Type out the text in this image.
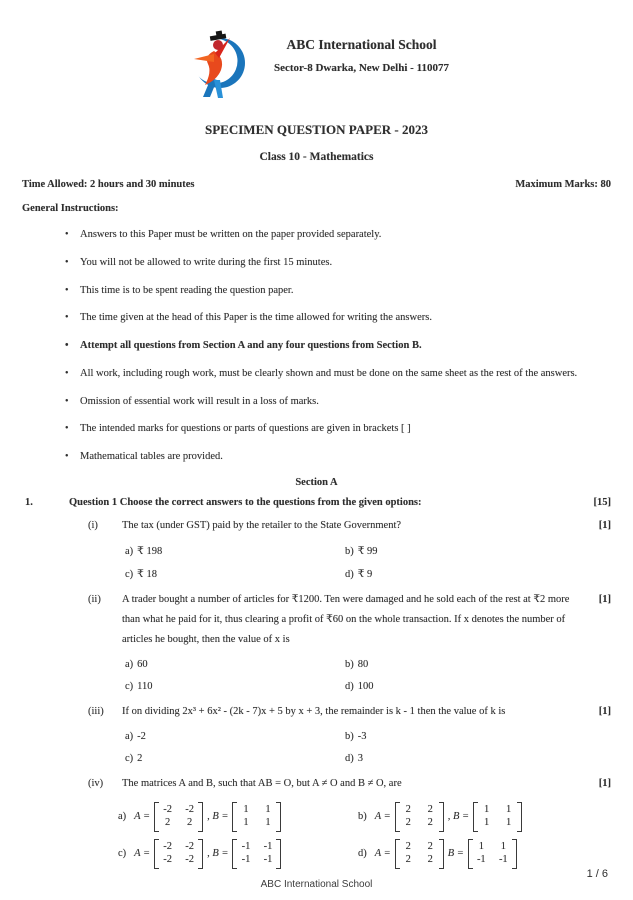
ABC International School
Sector-8 Dwarka, New Delhi - 110077
SPECIMEN QUESTION PAPER - 2023
Class 10 - Mathematics
Time Allowed: 2 hours and 30 minutes	Maximum Marks: 80
General Instructions:
•	Answers to this Paper must be written on the paper provided separately.
•	You will not be allowed to write during the first 15 minutes.
•	This time is to be spent reading the question paper.
•	The time given at the head of this Paper is the time allowed for writing the answers.
•	Attempt all questions from Section A and any four questions from Section B.
•	All work, including rough work, must be clearly shown and must be done on the same sheet as the rest of the answers.
•	Omission of essential work will result in a loss of marks.
•	The intended marks for questions or parts of questions are given in brackets [ ]
•	Mathematical tables are provided.
Section A
1.	Question 1 Choose the correct answers to the questions from the given options:	[15]
(i)	The tax (under GST) paid by the retailer to the State Government?	[1]
a) ₹ 198	b) ₹ 99
c) ₹ 18	d) ₹ 9
(ii)	A trader bought a number of articles for ₹1200. Ten were damaged and he sold each of the rest at ₹2 more than what he paid for it, thus clearing a profit of ₹60 on the whole transaction. If x denotes the number of articles he bought, then the value of x is
[1]
a) 60	b) 80
c) 110	d) 100
(iii)	If on dividing 2x³ + 6x² - (2k - 7)x + 5 by x + 3, the remainder is k - 1 then the value of k is	[1]
a) -2	b) -3
c) 2	d) 3
(iv)	The matrices A and B, such that AB = O, but A ≠ O and B ≠ O, are	[1]
a) A =
-2 -2
2	2
, B =
1	1
1	1
b) A =
2	2
2	2
, B =
1	1
1	1
c) A =
-2 -2
-2 -2
, B =
-1 -1
-1 -1
d) A =
2	2
2	2
B =
1	1
-1 -1
ABC International School
1 / 6
